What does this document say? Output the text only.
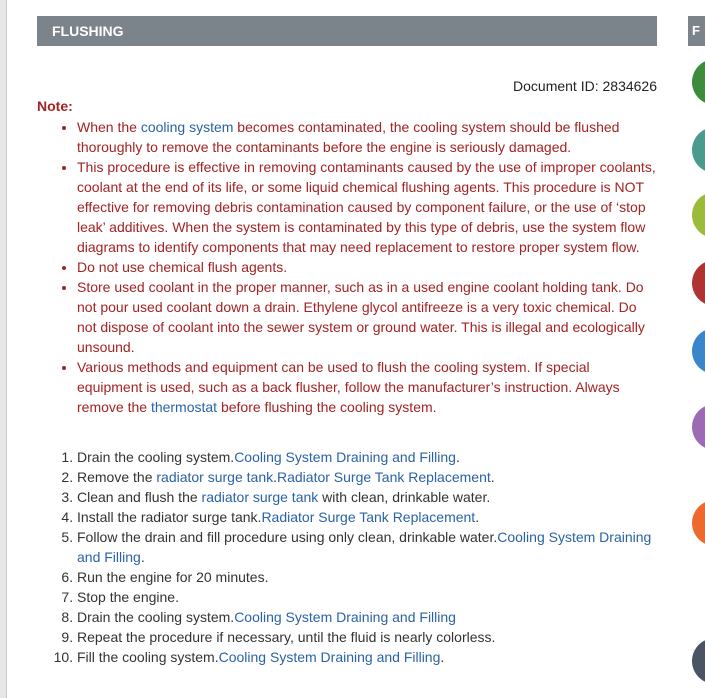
FLUSHING	F
Document ID: 2834626
Note:
• When the cooling system becomes contaminated, the cooling system should be flushed thoroughly to remove the contaminants before the engine is seriously damaged.
• This procedure is effective in removing contaminants caused by the use of improper coolants, coolant at the end of its life, or some liquid chemical flushing agents. This procedure is NOT effective for removing debris contamination caused by component failure, or the use of ‘stop leak’ additives. When the system is contaminated by this type of debris, use the system flow diagrams to identify components that may need replacement to restore proper system flow.
• Do not use chemical flush agents.
• Store used coolant in the proper manner, such as in a used engine coolant holding tank. Do not pour used coolant down a drain. Ethylene glycol antifreeze is a very toxic chemical. Do not dispose of coolant into the sewer system or ground water. This is illegal and ecologically unsound.
• Various methods and equipment can be used to flush the cooling system. If special equipment is used, such as a back flusher, follow the manufacturer’s instruction. Always remove the thermostat before flushing the cooling system.
1. Drain the cooling system.Cooling System Draining and Filling.
2. Remove the radiator surge tank.Radiator Surge Tank Replacement.
3. Clean and flush the radiator surge tank with clean, drinkable water.
4. Install the radiator surge tank.Radiator Surge Tank Replacement.
5. Follow the drain and fill procedure using only clean, drinkable water.Cooling System Draining and Filling.
6. Run the engine for 20 minutes.
7. Stop the engine.
8. Drain the cooling system.Cooling System Draining and Filling
9. Repeat the procedure if necessary, until the fluid is nearly colorless.
10. Fill the cooling system.Cooling System Draining and Filling.
